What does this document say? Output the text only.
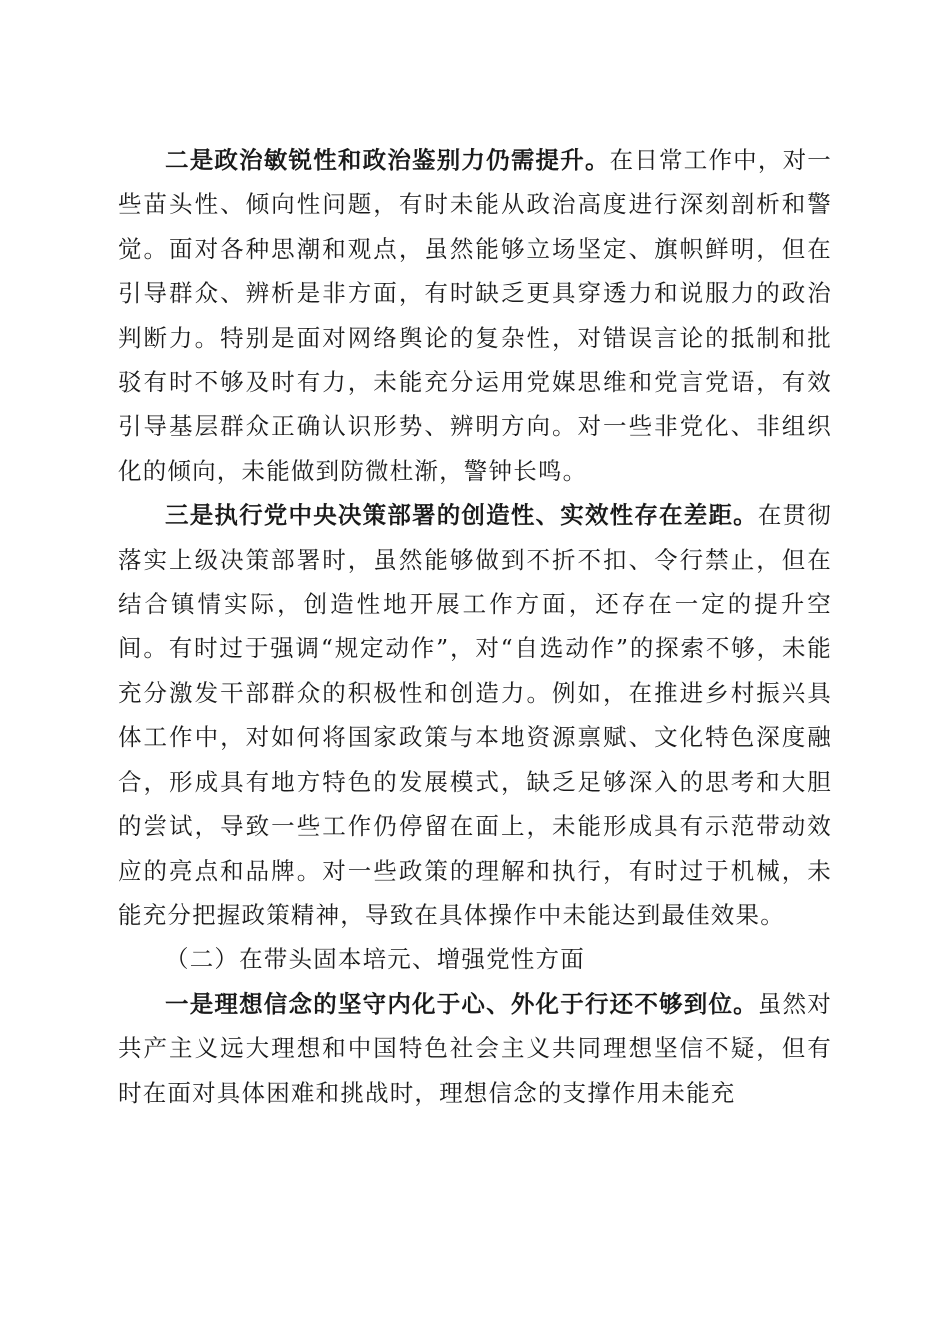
二是政治敏锐性和政治鉴别力仍需提升。在日常工作中，对一些苗头性、倾向性问题，有时未能从政治高度进行深刻剖析和警觉。面对各种思潮和观点，虽然能够立场坚定、旗帜鲜明，但在引导群众、辨析是非方面，有时缺乏更具穿透力和说服力的政治判断力。特别是面对网络舆论的复杂性，对错误言论的抵制和批驳有时不够及时有力，未能充分运用党媒思维和党言党语，有效引导基层群众正确认识形势、辨明方向。对一些非党化、非组织化的倾向，未能做到防微杜渐，警钟长鸣。

三是执行党中央决策部署的创造性、实效性存在差距。在贯彻落实上级决策部署时，虽然能够做到不折不扣、令行禁止，但在结合镇情实际，创造性地开展工作方面，还存在一定的提升空间。有时过于强调“规定动作”，对“自选动作”的探索不够，未能充分激发干部群众的积极性和创造力。例如，在推进乡村振兴具体工作中，对如何将国家政策与本地资源禀赋、文化特色深度融合，形成具有地方特色的发展模式，缺乏足够深入的思考和大胆的尝试，导致一些工作仍停留在面上，未能形成具有示范带动效应的亮点和品牌。对一些政策的理解和执行，有时过于机械，未能充分把握政策精神，导致在具体操作中未能达到最佳效果。

（二）在带头固本培元、增强党性方面

一是理想信念的坚守内化于心、外化于行还不够到位。虽然对共产主义远大理想和中国特色社会主义共同理想坚信不疑，但有时在面对具体困难和挑战时，理想信念的支撑作用未能充
